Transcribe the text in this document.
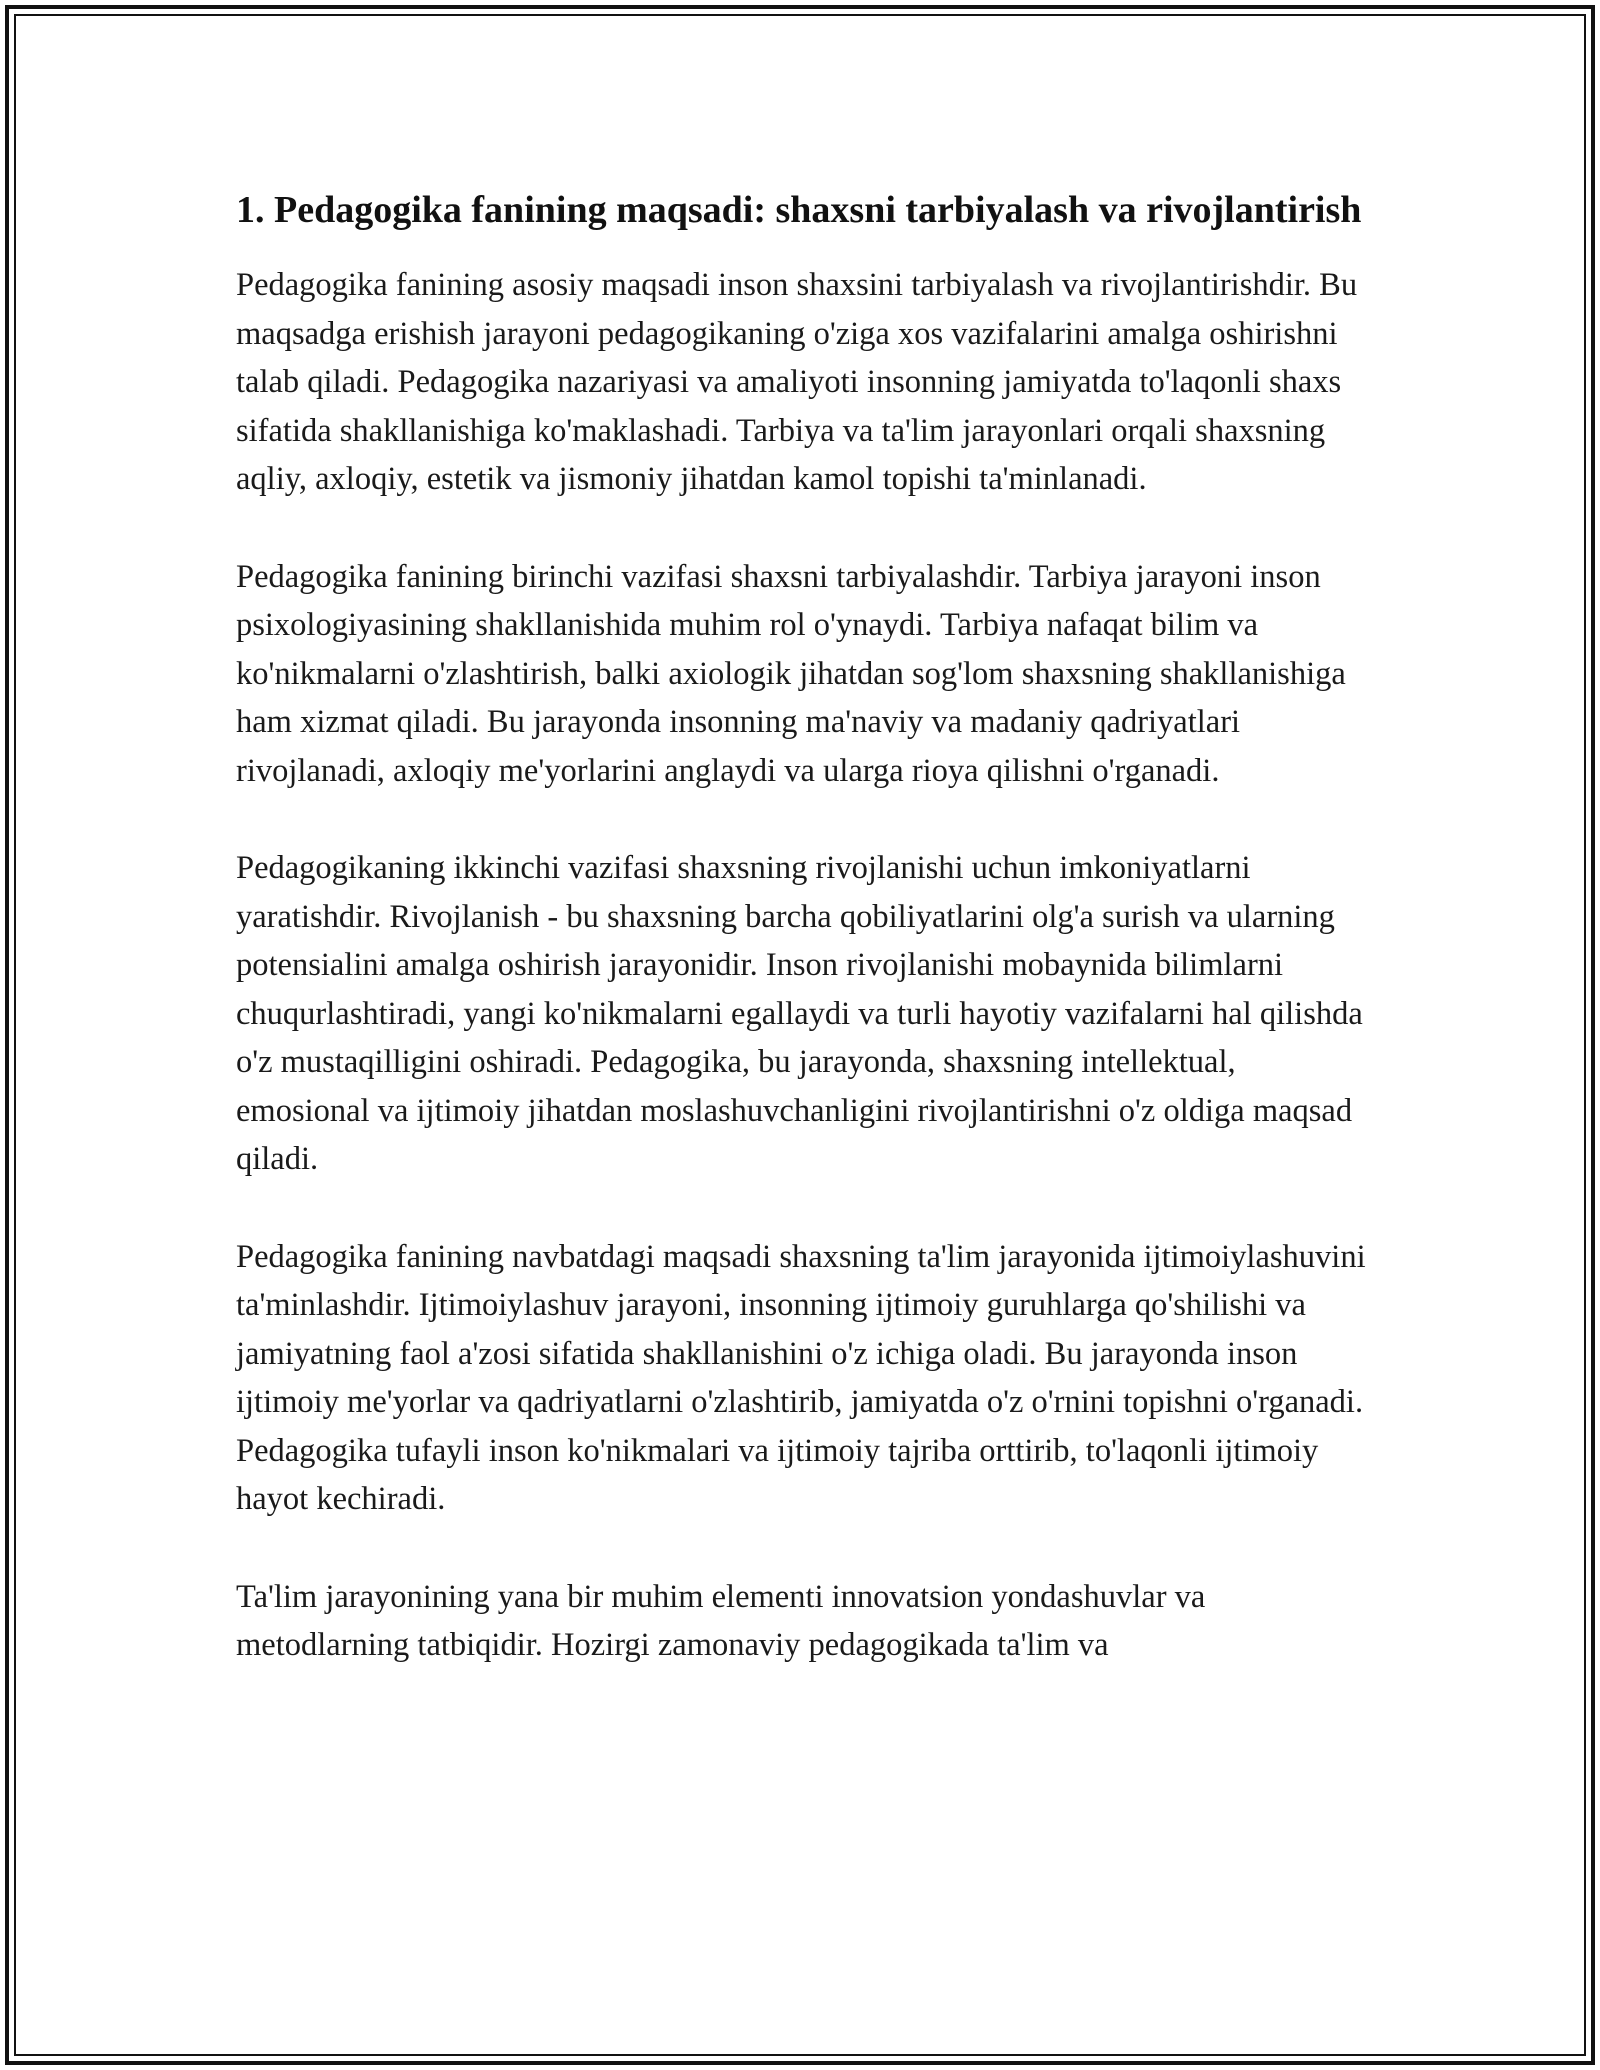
1. Pedagogika fanining maqsadi: shaxsni tarbiyalash va rivojlantirish

Pedagogika fanining asosiy maqsadi inson shaxsini tarbiyalash va rivojlantirishdir. Bu maqsadga erishish jarayoni pedagogikaning o'ziga xos vazifalarini amalga oshirishni talab qiladi. Pedagogika nazariyasi va amaliyoti insonning jamiyatda to'laqonli shaxs sifatida shakllanishiga ko'maklashadi. Tarbiya va ta'lim jarayonlari orqali shaxsning aqliy, axloqiy, estetik va jismoniy jihatdan kamol topishi ta'minlanadi.

Pedagogika fanining birinchi vazifasi shaxsni tarbiyalashdir. Tarbiya jarayoni inson psixologiyasining shakllanishida muhim rol o'ynaydi. Tarbiya nafaqat bilim va ko'nikmalarni o'zlashtirish, balki axiologik jihatdan sog'lom shaxsning shakllanishiga ham xizmat qiladi. Bu jarayonda insonning ma'naviy va madaniy qadriyatlari rivojlanadi, axloqiy me'yorlarini anglaydi va ularga rioya qilishni o'rganadi.

Pedagogikaning ikkinchi vazifasi shaxsning rivojlanishi uchun imkoniyatlarni yaratishdir. Rivojlanish - bu shaxsning barcha qobiliyatlarini olg'a surish va ularning potensialini amalga oshirish jarayonidir. Inson rivojlanishi mobaynida bilimlarni chuqurlashtiradi, yangi ko'nikmalarni egallaydi va turli hayotiy vazifalarni hal qilishda o'z mustaqilligini oshiradi. Pedagogika, bu jarayonda, shaxsning intellektual, emosional va ijtimoiy jihatdan moslashuvchanligini rivojlantirishni o'z oldiga maqsad qiladi.

Pedagogika fanining navbatdagi maqsadi shaxsning ta'lim jarayonida ijtimoiylashuvini ta'minlashdir. Ijtimoiylashuv jarayoni, insonning ijtimoiy guruhlarga qo'shilishi va jamiyatning faol a'zosi sifatida shakllanishini o'z ichiga oladi. Bu jarayonda inson ijtimoiy me'yorlar va qadriyatlarni o'zlashtirib, jamiyatda o'z o'rnini topishni o'rganadi. Pedagogika tufayli inson ko'nikmalari va ijtimoiy tajriba orttirib, to'laqonli ijtimoiy hayot kechiradi.

Ta'lim jarayonining yana bir muhim elementi innovatsion yondashuvlar va metodlarning tatbiqidir. Hozirgi zamonaviy pedagogikada ta'lim va
